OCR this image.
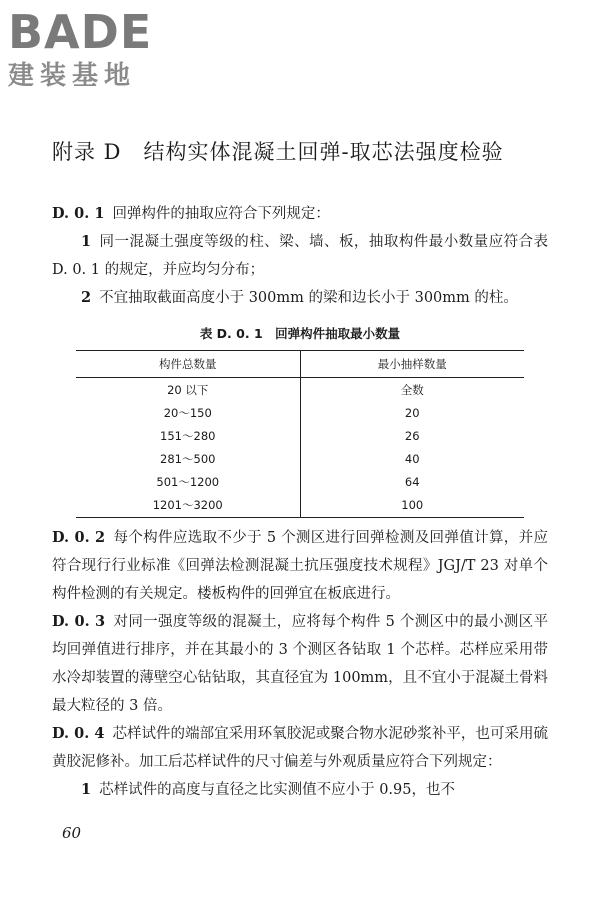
BADE
建装基地
附录 D　结构实体混凝土回弹-取芯法强度检验
D. 0. 1 回弹构件的抽取应符合下列规定：
1 同一混凝土强度等级的柱、梁、墙、板，抽取构件最小数量应符合表 D. 0. 1 的规定，并应均匀分布；
2 不宜抽取截面高度小于 300mm 的梁和边长小于 300mm 的柱。
表 D. 0. 1　回弹构件抽取最小数量
构件总数量	最小抽样数量
20 以下	全数
20～150	20
151～280	26
281～500	40
501～1200	64
1201～3200	100
D. 0. 2 每个构件应选取不少于 5 个测区进行回弹检测及回弹值计算，并应符合现行行业标准《回弹法检测混凝土抗压强度技术规程》JGJ/T 23 对单个构件检测的有关规定。楼板构件的回弹宜在板底进行。
D. 0. 3 对同一强度等级的混凝土，应将每个构件 5 个测区中的最小测区平均回弹值进行排序，并在其最小的 3 个测区各钻取 1 个芯样。芯样应采用带水冷却装置的薄壁空心钻钻取，其直径宜为 100mm，且不宜小于混凝土骨料最大粒径的 3 倍。
D. 0. 4 芯样试件的端部宜采用环氧胶泥或聚合物水泥砂浆补平，也可采用硫黄胶泥修补。加工后芯样试件的尺寸偏差与外观质量应符合下列规定：
1 芯样试件的高度与直径之比实测值不应小于 0.95，也不
60
